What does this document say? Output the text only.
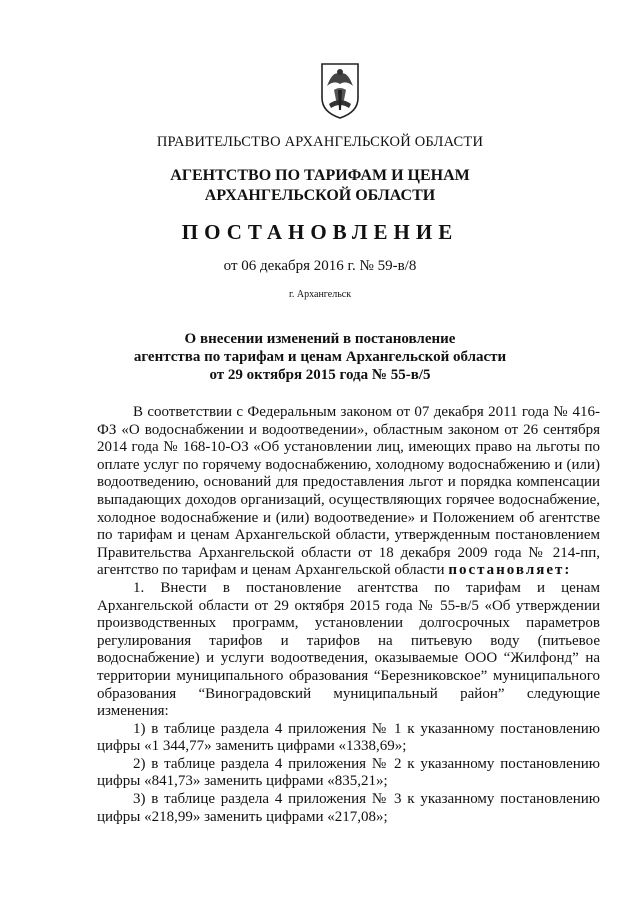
ПРАВИТЕЛЬСТВО АРХАНГЕЛЬСКОЙ ОБЛАСТИ
АГЕНТСТВО ПО ТАРИФАМ И ЦЕНАМ
АРХАНГЕЛЬСКОЙ ОБЛАСТИ
ПОСТАНОВЛЕНИЕ
от 06 декабря 2016 г. № 59-в/8
г. Архангельск
О внесении изменений в постановление
агентства по тарифам и ценам Архангельской области
от 29 октября 2015 года № 55-в/5

В соответствии с Федеральным законом от 07 декабря 2011 года № 416-ФЗ «О водоснабжении и водоотведении», областным законом от 26 сентября 2014 года № 168-10-ОЗ «Об установлении лиц, имеющих право на льготы по оплате услуг по горячему водоснабжению, холодному водоснабжению и (или) водоотведению, оснований для предоставления льгот и порядка компенсации выпадающих доходов организаций, осуществляющих горячее водоснабжение, холодное водоснабжение и (или) водоотведение» и Положением об агентстве по тарифам и ценам Архангельской области, утвержденным постановлением Правительства Архангельской области от 18 декабря 2009 года № 214-пп, агентство по тарифам и ценам Архангельской области постановляет:

1. Внести в постановление агентства по тарифам и ценам Архангельской области от 29 октября 2015 года № 55-в/5 «Об утверждении производственных программ, установлении долгосрочных параметров регулирования тарифов и тарифов на питьевую воду (питьевое водоснабжение) и услуги водоотведения, оказываемые ООО “Жилфонд” на территории муниципального образования “Березниковское” муниципального образования “Виноградовский муниципальный район” следующие изменения:

1) в таблице раздела 4 приложения № 1 к указанному постановлению цифры «1 344,77» заменить цифрами «1338,69»;

2) в таблице раздела 4 приложения № 2 к указанному постановлению цифры «841,73» заменить цифрами «835,21»;

3) в таблице раздела 4 приложения № 3 к указанному постановлению цифры «218,99» заменить цифрами «217,08»;
